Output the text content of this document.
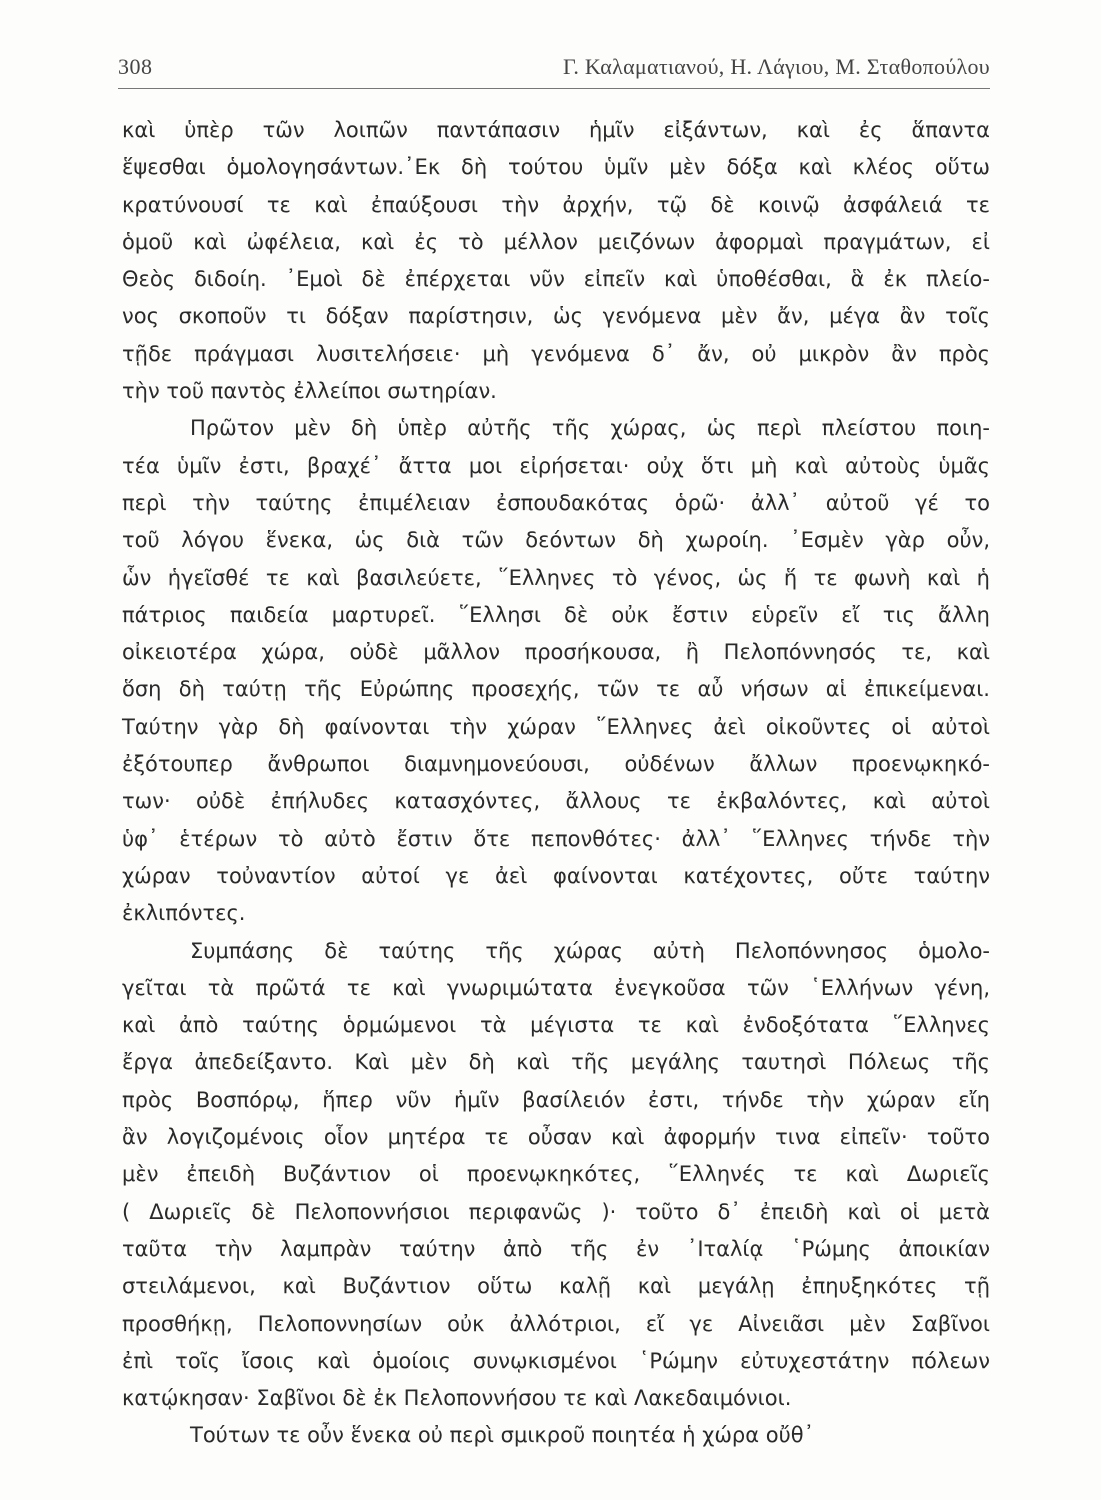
308	Γ. Καλαματιανού, Η. Λάγιου, Μ. Σταθοπούλου
καὶ ὑπὲρ τῶν λοιπῶν παντάπασιν ἡμῖν εἰξάντων, καὶ ἐς ἅπαντα
ἕψεσθαι ὁμολογησάντων.᾽Εκ δὴ τούτου ὑμῖν μὲν δόξα καὶ κλέος οὕτω
κρατύνουσί τε καὶ ἐπαύξουσι τὴν ἀρχήν, τῷ δὲ κοινῷ ἀσφάλειά τε
ὁμοῦ καὶ ὠφέλεια, καὶ ἐς τὸ μέλλον μειζόνων ἀφορμαὶ πραγμάτων, εἰ
Θεὸς διδοίη. ᾽Εμοὶ δὲ ἐπέρχεται νῦν εἰπεῖν καὶ ὑποθέσθαι, ἃ ἐκ πλείο-
νος σκοποῦν τι δόξαν παρίστησιν, ὡς γενόμενα μὲν ἄν, μέγα ἂν τοῖς
τῇδε πράγμασι λυσιτελήσειε· μὴ γενόμενα δ᾽ ἄν, οὐ μικρὸν ἂν πρὸς
τὴν τοῦ παντὸς ἐλλείποι σωτηρίαν.
Πρῶτον μὲν δὴ ὑπὲρ αὐτῆς τῆς χώρας, ὡς περὶ πλείστου ποιη-
τέα ὑμῖν ἐστι, βραχέ᾽ ἄττα μοι εἰρήσεται· οὐχ ὅτι μὴ καὶ αὐτοὺς ὑμᾶς
περὶ τὴν ταύτης ἐπιμέλειαν ἐσπουδακότας ὁρῶ· ἀλλ᾽ αὐτοῦ γέ το
τοῦ λόγου ἕνεκα, ὡς διὰ τῶν δεόντων δὴ χωροίη. ᾽Εσμὲν γὰρ οὖν,
ὧν ἡγεῖσθέ τε καὶ βασιλεύετε, ῞Ελληνες τὸ γένος, ὡς ἥ τε φωνὴ καὶ ἡ
πάτριος παιδεία μαρτυρεῖ. ῞Ελλησι δὲ οὐκ ἔστιν εὑρεῖν εἴ τις ἄλλη
οἰκειοτέρα χώρα, οὐδὲ μᾶλλον προσήκουσα, ἢ Πελοπόννησός τε, καὶ
ὅση δὴ ταύτῃ τῆς Εὐρώπης προσεχής, τῶν τε αὖ νήσων αἱ ἐπικείμεναι.
Ταύτην γὰρ δὴ φαίνονται τὴν χώραν ῞Ελληνες ἀεὶ οἰκοῦντες οἱ αὐτοὶ
ἐξότουπερ ἄνθρωποι διαμνημονεύουσι, οὐδένων ἄλλων προενῳκηκό-
των· οὐδὲ ἐπήλυδες κατασχόντες, ἄλλους τε ἐκβαλόντες, καὶ αὐτοὶ
ὑφ᾽ ἑτέρων τὸ αὐτὸ ἔστιν ὅτε πεπονθότες· ἀλλ᾽ ῞Ελληνες τήνδε τὴν
χώραν τοὐναντίον αὐτοί γε ἀεὶ φαίνονται κατέχοντες, οὔτε ταύτην
ἐκλιπόντες.
Συμπάσης δὲ ταύτης τῆς χώρας αὐτὴ Πελοπόννησος ὁμολο-
γεῖται τὰ πρῶτά τε καὶ γνωριμώτατα ἐνεγκοῦσα τῶν ῾Ελλήνων γένη,
καὶ ἀπὸ ταύτης ὁρμώμενοι τὰ μέγιστα τε καὶ ἐνδοξότατα ῞Ελληνες
ἔργα ἀπεδείξαντο. Καὶ μὲν δὴ καὶ τῆς μεγάλης ταυτησὶ Πόλεως τῆς
πρὸς Βοσπόρῳ, ἥπερ νῦν ἡμῖν βασίλειόν ἐστι, τήνδε τὴν χώραν εἴη
ἂν λογιζομένοις οἷον μητέρα τε οὖσαν καὶ ἀφορμήν τινα εἰπεῖν· τοῦτο
μὲν ἐπειδὴ Βυζάντιον οἱ προενῳκηκότες, ῞Ελληνές τε καὶ Δωριεῖς
( Δωριεῖς δὲ Πελοποννήσιοι περιφανῶς )· τοῦτο δ᾽ ἐπειδὴ καὶ οἱ μετὰ
ταῦτα τὴν λαμπρὰν ταύτην ἀπὸ τῆς ἐν ᾽Ιταλίᾳ ῾Ρώμης ἀποικίαν
στειλάμενοι, καὶ Βυζάντιον οὕτω καλῇ καὶ μεγάλῃ ἐπηυξηκότες τῇ
προσθήκῃ, Πελοποννησίων οὐκ ἀλλότριοι, εἴ γε Αἰνειᾶσι μὲν Σαβῖνοι
ἐπὶ τοῖς ἴσοις καὶ ὁμοίοις συνῳκισμένοι ῾Ρώμην εὐτυχεστάτην πόλεων
κατῴκησαν· Σαβῖνοι δὲ ἐκ Πελοποννήσου τε καὶ Λακεδαιμόνιοι.
Τούτων τε οὖν ἕνεκα οὐ περὶ σμικροῦ ποιητέα ἡ χώρα οὔθ᾽
